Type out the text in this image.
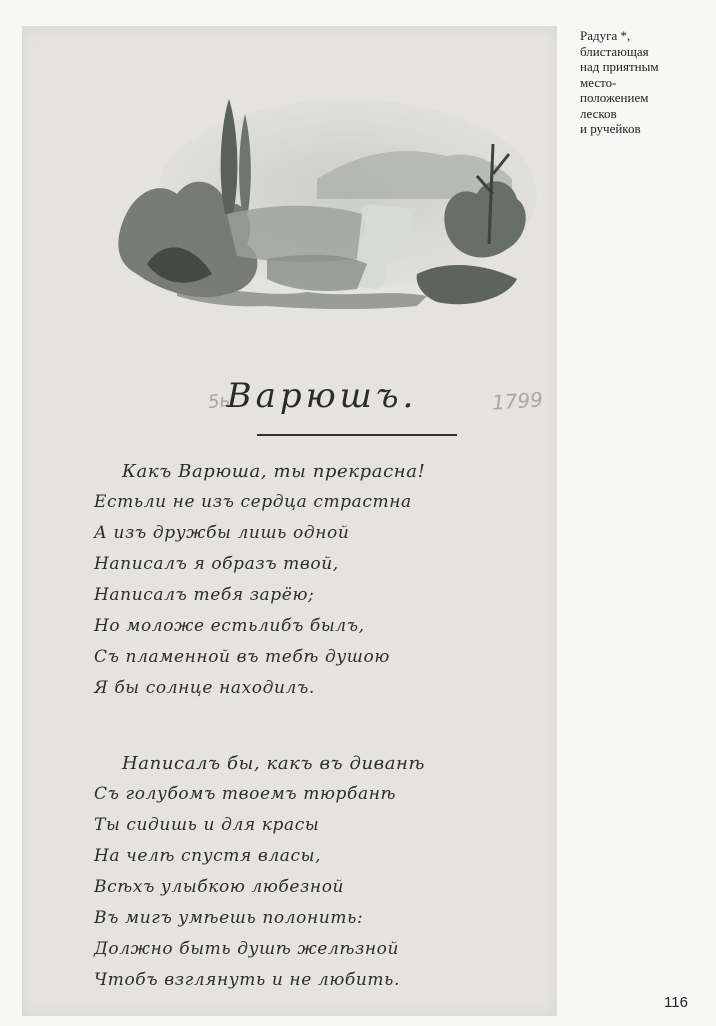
Радуга *,
блистающая
над приятным
место-
положением
лесков
и ручейков
5ь
Варюшъ.	1799
Какъ Варюша, ты прекрасна!
Естьли не изъ сердца страстна
А изъ дружбы лишь одной
Написалъ я образъ твой,
Написалъ тебя зарёю;
Но моложе естьлибъ былъ,
Съ пламенной въ тебѣ душою
Я бы солнце находилъ.
Написалъ бы, какъ въ диванѣ
Съ голубомъ твоемъ тюрбанѣ
Ты сидишь и для красы
На челѣ спустя власы,
Всѣхъ улыбкою любезной
Въ мигъ умѣешь полонить:
Должно быть душѣ желѣзной
Чтобъ взглянуть и не любить.
116
